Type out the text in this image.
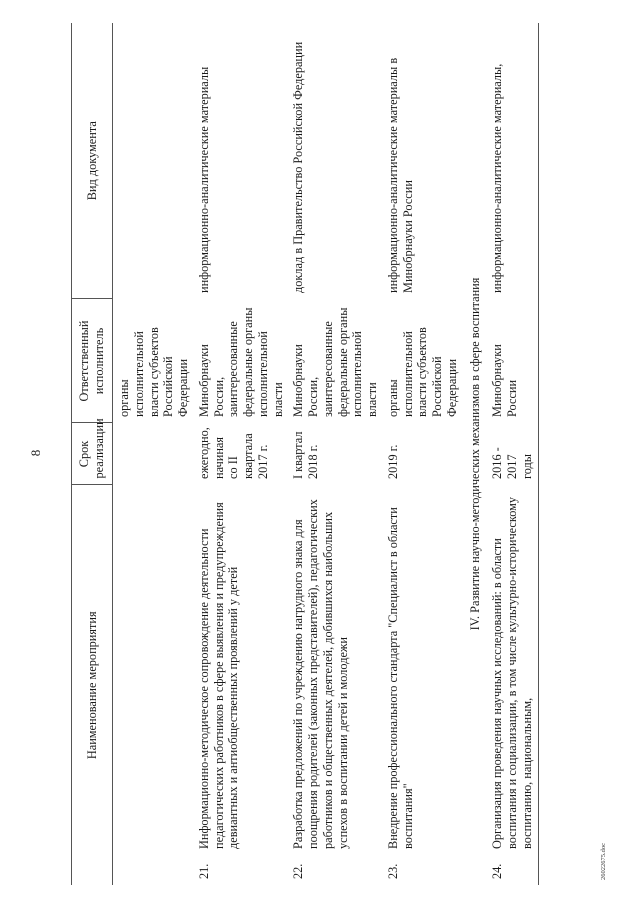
8
26022675.doc
Наименование мероприятия		Срок реализации	Ответственный исполнитель	Вид документа
			органы исполнительной власти субъектов Российской Федерации	
21.	Информационно-методическое сопровождение деятельности педагогических работников в сфере выявления и предупреждения девиантных и антиобщественных проявлений у детей	ежегодно, начиная со II квартала 2017 г.	Минобрнауки России, заинтересованные федеральные органы исполнительной власти	информационно-аналитические материалы
22.	Разработка предложений по учреждению нагрудного знака для поощрения родителей (законных представителей), педагогических работников и общественных деятелей, добившихся наибольших успехов в воспитании детей и молодежи	I квартал 2018 г.	Минобрнауки России, заинтересованные федеральные органы исполнительной власти	доклад в Правительство Российской Федерации
23.	Внедрение профессионального стандарта "Специалист в области воспитания"	2019 г.	органы исполнительной власти субъектов Российской Федерации	информационно-аналитические материалы в Минобрнауки России
IV. Развитие научно-методических механизмов в сфере воспитания				
24.	Организация проведения научных исследований: в области воспитания и социализации, в том числе культурно-историческому воспитанию, национальным,	2016 - 2017 годы	Минобрнауки России	информационно-аналитические материалы,
